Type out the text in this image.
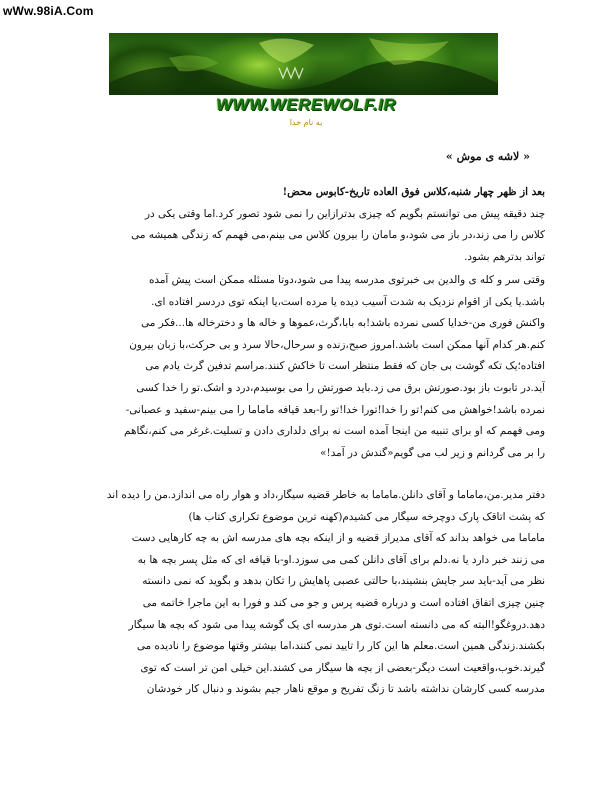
wWw.98iA.Com
WWW.WEREWOLF.IR
به نام خدا
« لاشه ی موش »
بعد از ظهر چهار شنبه،کلاس فوق العاده تاریخ-کابوس محض!
چند دقیقه پیش می توانستم بگویم که چیزی بدترازاین را نمی شود تصور کرد.اما وقتی یکی در
کلاس را می زند،در باز می شود،و مامان را بیرون کلاس می بینم،می فهمم که زندگی همیشه می
تواند بدترهم بشود.
وقتی سر و کله ی والدین بی خبرتوی مدرسه پیدا می شود،دوتا مسئله ممکن است پیش آمده
باشد.یا یکی از اقوام نزدیک به شدت آسیب دیده یا مرده است،یا اینکه توی دردسر افتاده ای.
واکنش فوری من-خدایا کسی نمرده باشد!به بابا،گرث،عموها و خاله ها و دخترخاله ها...فکر می
کنم.هر کدام آنها ممکن است باشد.امروز صبح،زنده و سرحال،حالا سرد و بی حرکت،با زبان بیرون
افتاده؛یک تکه گوشت بی جان که فقط منتظر است تا خاکش کنند.مراسم تدفین گرث یادم می
آید.در تابوت باز بود.صورتش برق می زد.باید صورتش را می بوسیدم،درد و اشک.تو را خدا کسی
نمرده باشد!خواهش می کنم!تو را خدا!تورا خدا!تو را-بعد قیافه ماماما را می بینم-سفید و عصبانی-
ومی فهمم که او برای تنبیه من اینجا آمده است نه برای دلداری دادن و تسلیت.غرغر می کنم،نگاهم
را بر می گردانم و زیر لب می گویم«گندش در آمد!»
دفتر مدیر.من،ماماما و آقای دانلن.ماماما به خاطر قضیه سیگار،داد و هوار راه می اندازد.من را دیده اند
که پشت اتاقک پارک دوچرخه سیگار می کشیدم(کهنه ترین موضوع تکراری کتاب ها)
ماماما می خواهد بداند که آقای مدیراز قضیه و از اینکه بچه های مدرسه اش به چه کارهایی دست
می زنند خبر دارد یا نه.دلم برای آقای دانلن کمی می سوزد.او-با قیافه ای که مثل پسر بچه ها به
نظر می آید-باید سر جایش بنشیند،با حالتی عصبی پاهایش را تکان بدهد و بگوید که نمی دانسته
چنین چیزی اتفاق افتاده است و درباره قضیه پرس و جو می کند و فورا به این ماجرا خاتمه می
دهد.دروغگو!البته که می دانسته است.توی هر مدرسه ای یک گوشه پیدا می شود که بچه ها سیگار
بکشند.زندگی همین است.معلم ها این کار را تایید نمی کنند،اما بیشتر وقتها موضوع را نادیده می
گیرند.خوب،واقعیت است دیگر-بعضی از بچه ها سیگار می کشند.این خیلی امن تر است که توی
مدرسه کسی کارشان نداشته باشد تا زنگ تفریح و موقع ناهار جیم بشوند و دنبال کار خودشان
